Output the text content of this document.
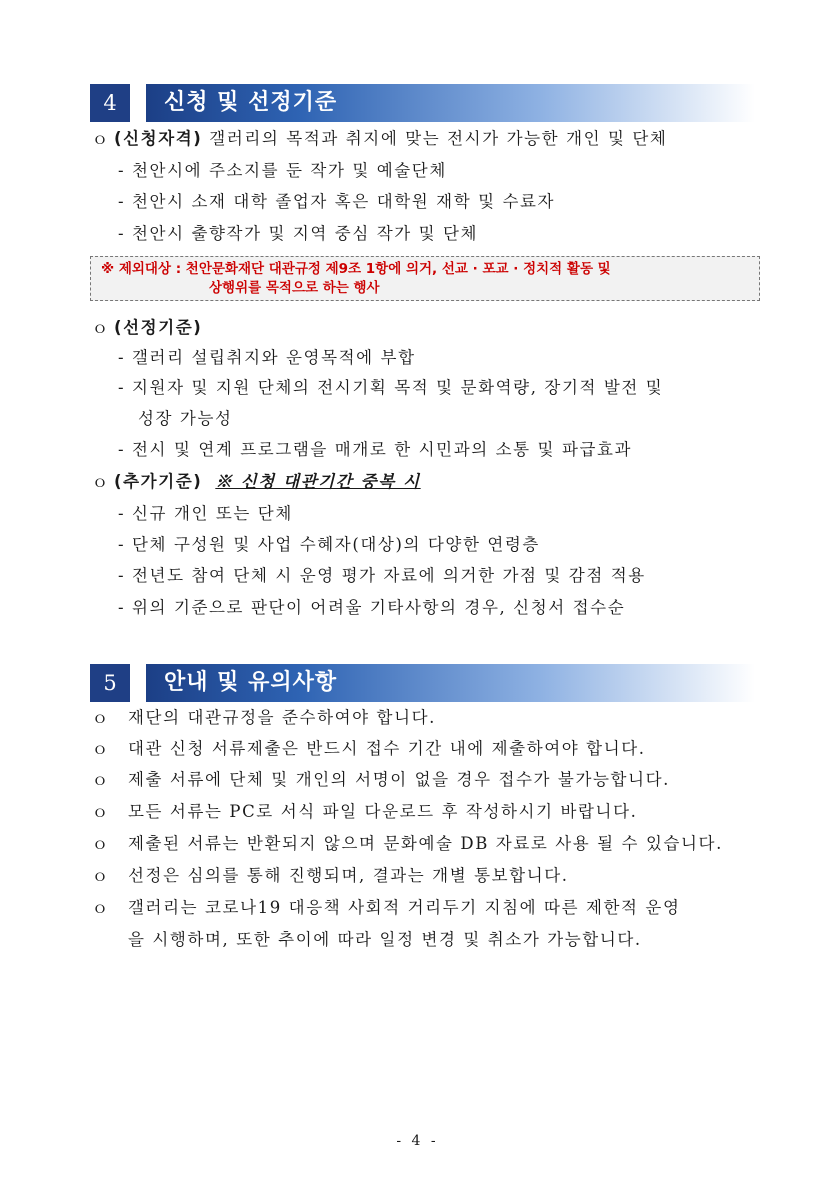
4	신청 및 선정기준
ｏ (신청자격) 갤러리의 목적과 취지에 맞는 전시가 가능한 개인 및 단체
- 천안시에 주소지를 둔 작가 및 예술단체
- 천안시 소재 대학 졸업자 혹은 대학원 재학 및 수료자
- 천안시 출향작가 및 지역 중심 작가 및 단체
※ 제외대상 : 천안문화재단 대관규정 제9조 1항에 의거, 선교 · 포교 · 정치적 활동 및
상행위를 목적으로 하는 행사
ｏ (선정기준)
- 갤러리 설립취지와 운영목적에 부합
- 지원자 및 지원 단체의 전시기획 목적 및 문화역량, 장기적 발전 및
성장 가능성
- 전시 및 연계 프로그램을 매개로 한 시민과의 소통 및 파급효과
ｏ (추가기준) ※ 신청 대관기간 중복 시
- 신규 개인 또는 단체
- 단체 구성원 및 사업 수혜자(대상)의 다양한 연령층
- 전년도 참여 단체 시 운영 평가 자료에 의거한 가점 및 감점 적용
- 위의 기준으로 판단이 어려울 기타사항의 경우, 신청서 접수순
5	안내 및 유의사항
ｏ 재단의 대관규정을 준수하여야 합니다.
ｏ 대관 신청 서류제출은 반드시 접수 기간 내에 제출하여야 합니다.
ｏ 제출 서류에 단체 및 개인의 서명이 없을 경우 접수가 불가능합니다.
ｏ 모든 서류는 PC로 서식 파일 다운로드 후 작성하시기 바랍니다.
ｏ 제출된 서류는 반환되지 않으며 문화예술 DB 자료로 사용 될 수 있습니다.
ｏ 선정은 심의를 통해 진행되며, 결과는 개별 통보합니다.
ｏ 갤러리는 코로나19 대응책 사회적 거리두기 지침에 따른 제한적 운영
을 시행하며, 또한 추이에 따라 일정 변경 및 취소가 가능합니다.
- 4 -
